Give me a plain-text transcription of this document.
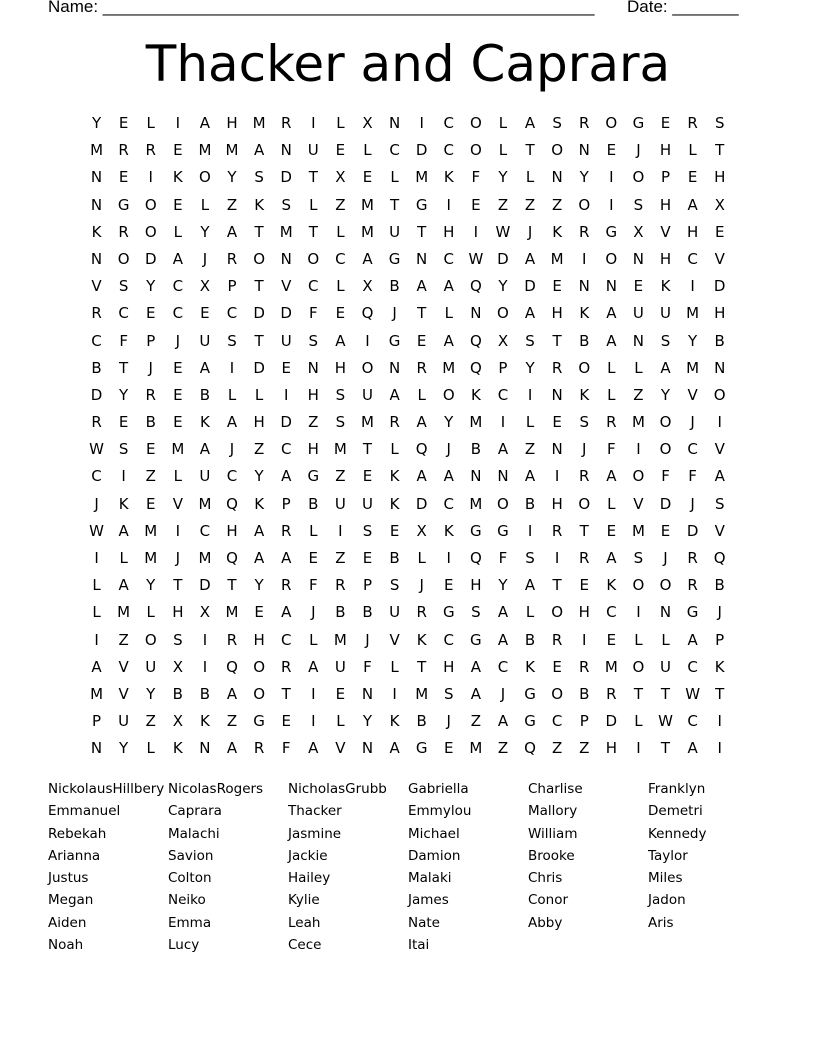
Name: ____________________________________________________ Date: _______
Thacker and Caprara
Y	E	L	I	A	H M	R	I	L	X	N	I	C	O	L	A	S	R	O	G	E	R	S
M	R	R	E	M M	A	N	U	E	L	C	D	C	O	L	T	O	N	E	J	H	L	T
N	E	I	K	O	Y	S	D	T	X	E	L	M	K	F	Y	L	N	Y	I	O	P	E	H
N	G	O	E	L	Z	K	S	L	Z	M	T	G	I	E	Z	Z	Z	O	I	S	H	A	X
K	R	O	L	Y	A	T	M	T	L	M	U	T	H	I	W	J	K	R	G	X	V	H	E
N	O	D	A	J	R	O	N	O	C	A	G	N	C W D	A	M	I	O	N	H	C	V
V	S	Y	C	X	P	T	V	C	L	X	B	A	A	Q	Y	D	E	N	N	E	K	I	D
R	C	E	C	E	C	D	D	F	E	Q	J	T	L	N	O	A	H	K	A	U	U	M H
C	F	P	J	U	S	T	U	S	A	I	G	E	A	Q	X	S	T	B	A	N	S	Y	B
B	T	J	E	A	I	D	E	N	H	O	N	R	M Q	P	Y	R	O	L	L	A	M	N
D	Y	R	E	B	L	L	I	H	S	U	A	L	O	K	C	I	N	K	L	Z	Y	V	O
R	E	B	E	K	A	H	D	Z	S	M	R	A	Y	M	I	L	E	S	R	M O	J	I
W S	E	M	A	J	Z	C	H M	T	L	Q	J	B	A	Z	N	J	F	I	O	C	V
C	I	Z	L	U	C	Y	A	G	Z	E	K	A	A	N	N	A	I	R	A	O	F	F	A
J	K	E	V	M Q	K	P	B	U	U	K	D	C	M O	B	H	O	L	V	D	J	S
W A	M	I	C	H	A	R	L	I	S	E	X	K	G	G	I	R	T	E	M	E	D	V
I	L	M	J	M Q	A	A	E	Z	E	B	L	I	Q	F	S	I	R	A	S	J	R	Q
L	A	Y	T	D	T	Y	R	F	R	P	S	J	E	H	Y	A	T	E	K	O	O	R	B
L	M	L	H	X	M	E	A	J	B	B	U	R	G	S	A	L	O	H	C	I	N	G	J
I	Z	O	S	I	R	H	C	L	M	J	V	K	C	G	A	B	R	I	E	L	L	A	P
A	V	U	X	I	Q	O	R	A	U	F	L	T	H	A	C	K	E	R	M O	U	C	K
M	V	Y	B	B	A	O	T	I	E	N	I	M	S	A	J	G	O	B	R	T	T	W	T
P	U	Z	X	K	Z	G	E	I	L	Y	K	B	J	Z	A	G	C	P	D	L	W C	I
N	Y	L	K	N	A	R	F	A	V	N	A	G	E	M	Z	Q	Z	Z	H	I	T	A	I
NickolausHillbery NicolasRogers	NicholasGrubb	Gabriella	Charlise	Franklyn
Emmanuel	Caprara	Thacker	Emmylou	Mallory	Demetri
Rebekah	Malachi	Jasmine	Michael	William	Kennedy
Arianna	Savion	Jackie	Damion	Brooke	Taylor
Justus	Colton	Hailey	Malaki	Chris	Miles
Megan	Neiko	Kylie	James	Conor	Jadon
Aiden	Emma	Leah	Nate	Abby	Aris
Noah	Lucy	Cece	Itai
